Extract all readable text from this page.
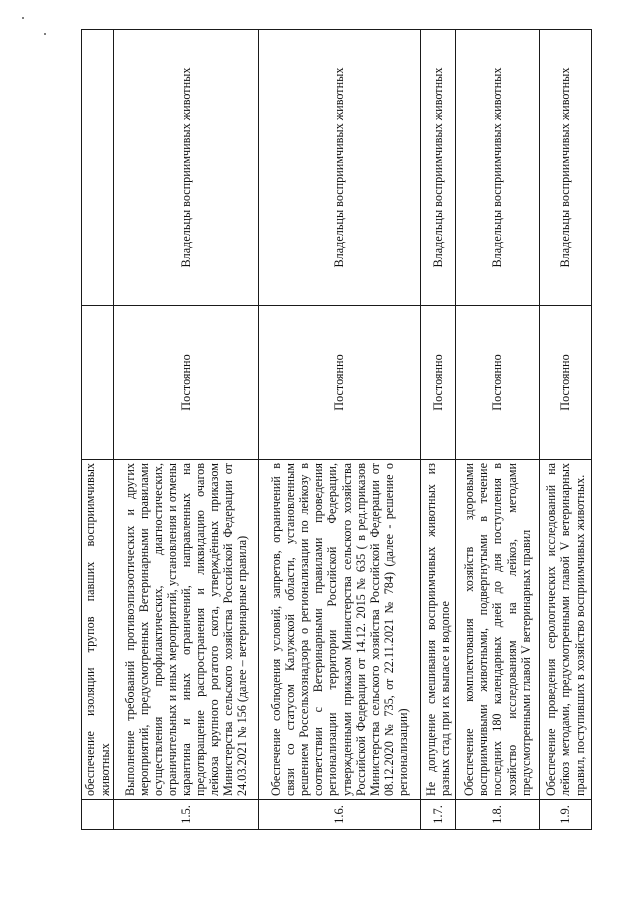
	обеспечение изоляции трупов павших восприимчивых животных		
1.5.	Выполнение требований противоэпизоотических и других мероприятий, предусмотренных Ветеринарными правилами осуществления профилактических, диагностических, ограничительных и иных мероприятий, установления и отмены карантина и иных ограничений, направленных на предотвращение распространения и ликвидацию очагов лейкоза крупного рогатого скота, утверждённых приказом Министерства сельского хозяйства Российской Федерации от 24.03.2021 № 156 (далее – ветеринарные правила)	Постоянно	Владельцы восприимчивых животных
1.6.	Обеспечение соблюдения условий, запретов, ограничений в связи со статусом Калужской области, установленным решением Россельхознадзора о регионализации по лейкозу в соответствии с Ветеринарными правилами проведения регионализации территории Российской Федерации, утвержденными приказом Министерства сельского хозяйства Российской Федерации от 14.12. 2015 № 635 ( в ред.приказов Министерства сельского хозяйства Российской Федерации от 08.12.2020 № 735, от 22.11.2021 № 784) (далее - решение о регионализации)	Постоянно	Владельцы восприимчивых животных
1.7.	Не допущение смешивания восприимчивых животных из разных стад при их выпасе и водопое	Постоянно	Владельцы восприимчивых животных
1.8.	Обеспечение комплектования хозяйств здоровыми восприимчивыми животными, подвергнутыми в течение последних 180 календарных дней до дня поступления в хозяйство исследованиям на лейкоз, методами предусмотренными главой V ветеринарных правил	Постоянно	Владельцы восприимчивых животных
1.9.	Обеспечение проведения серологических исследований на лейкоз методами, предусмотренными главой V ветеринарных правил, поступивших в хозяйство восприимчивых животных.	Постоянно	Владельцы восприимчивых животных
